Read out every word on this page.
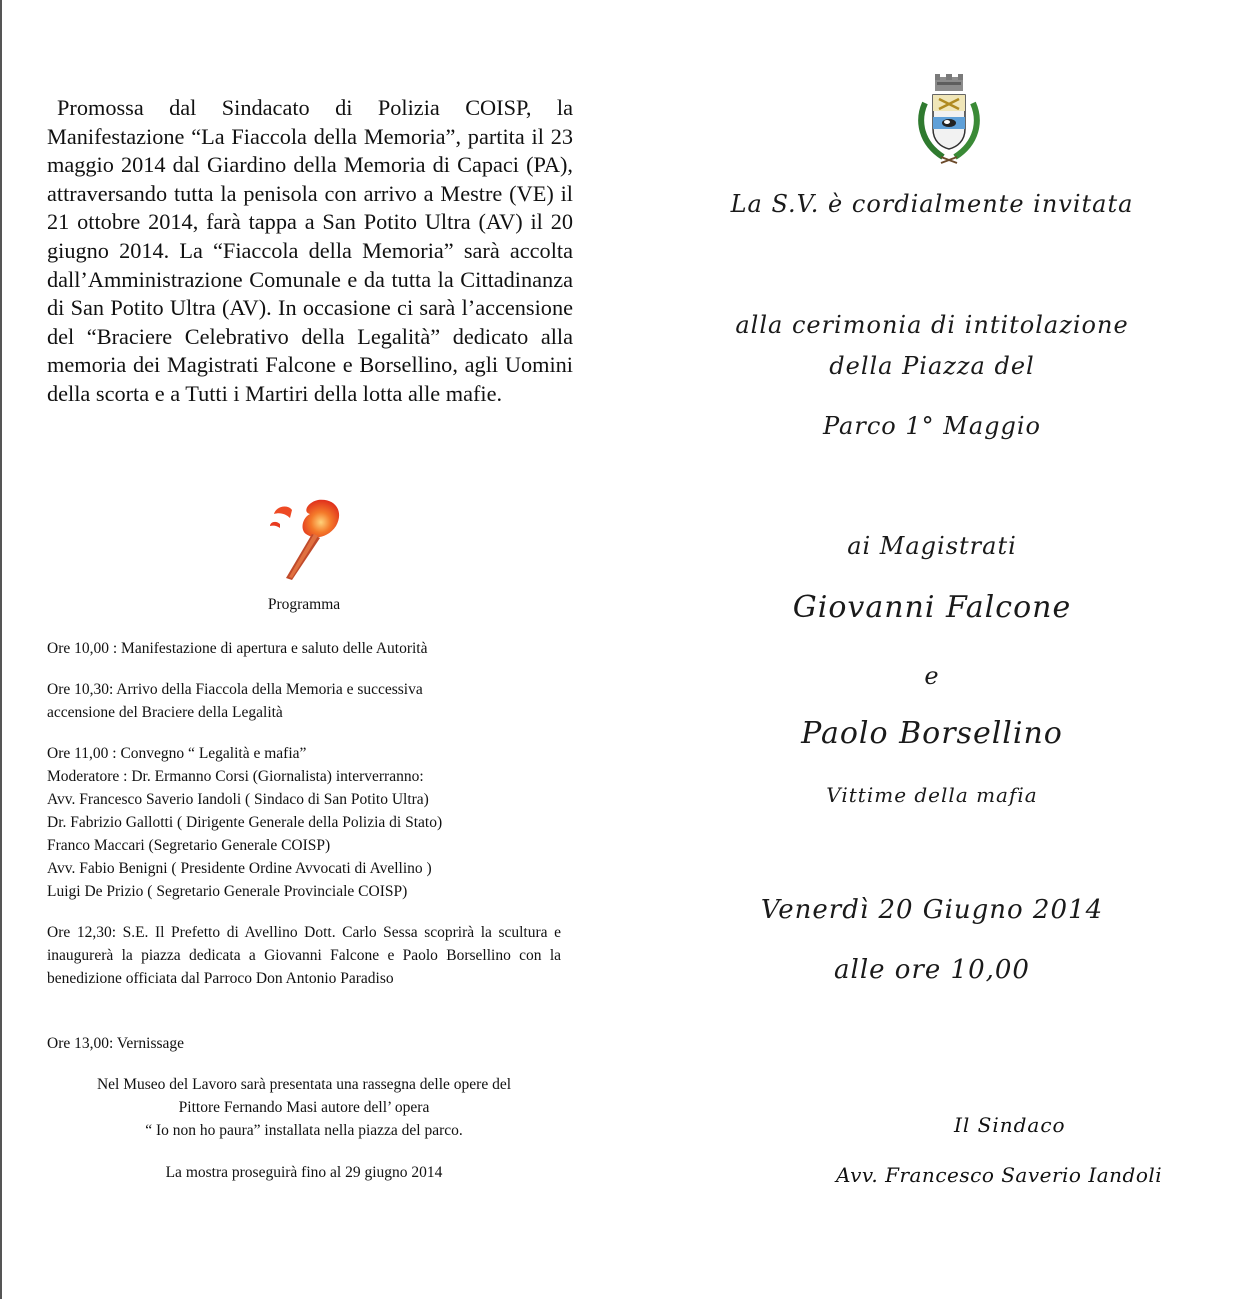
Promossa dal Sindacato di Polizia COISP, la Manifestazione “La Fiaccola della Memoria”, partita il 23 maggio 2014 dal Giardino della Memoria di Capaci (PA), attraversando tutta la penisola con arrivo a Mestre (VE) il 21 ottobre 2014, farà tappa a San Potito Ultra (AV) il 20 giugno 2014. La “Fiaccola della Memoria” sarà accolta dall’Amministrazione Comunale e da tutta la Cittadinanza di San Potito Ultra (AV). In occasione ci sarà l’accensione del “Braciere Celebrativo della Legalità” dedicato alla memoria dei Magistrati Falcone e Borsellino, agli Uomini della scorta e a Tutti i Martiri della lotta alle mafie.

Programma

Ore 10,00 : Manifestazione di apertura e saluto delle Autorità

Ore 10,30: Arrivo della Fiaccola della Memoria e successiva
accensione del Braciere della Legalità

Ore 11,00 : Convegno “ Legalità e mafia”
Moderatore : Dr. Ermanno Corsi (Giornalista) interverranno:
Avv. Francesco Saverio Iandoli ( Sindaco di San Potito Ultra)
Dr. Fabrizio Gallotti ( Dirigente Generale della Polizia di Stato)
Franco Maccari (Segretario Generale COISP)
Avv. Fabio Benigni ( Presidente Ordine Avvocati di Avellino )
Luigi De Prizio ( Segretario Generale Provinciale COISP)

Ore 12,30: S.E. Il Prefetto di Avellino Dott. Carlo Sessa scoprirà la scultura e inaugurerà la piazza dedicata a Giovanni Falcone e Paolo Borsellino con la benedizione officiata dal Parroco Don Antonio Paradiso

Ore 13,00: Vernissage

Nel Museo del Lavoro sarà presentata una rassegna delle opere del
Pittore Fernando Masi autore dell’ opera
“ Io non ho paura” installata nella piazza del parco.

La mostra proseguirà fino al 29 giugno 2014

La S.V. è cordialmente invitata

alla cerimonia di intitolazione

della Piazza del

Parco 1° Maggio

ai Magistrati

Giovanni Falcone

e

Paolo Borsellino

Vittime della mafia

Venerdì 20 Giugno 2014

alle ore 10,00

Il Sindaco

Avv. Francesco Saverio Iandoli
